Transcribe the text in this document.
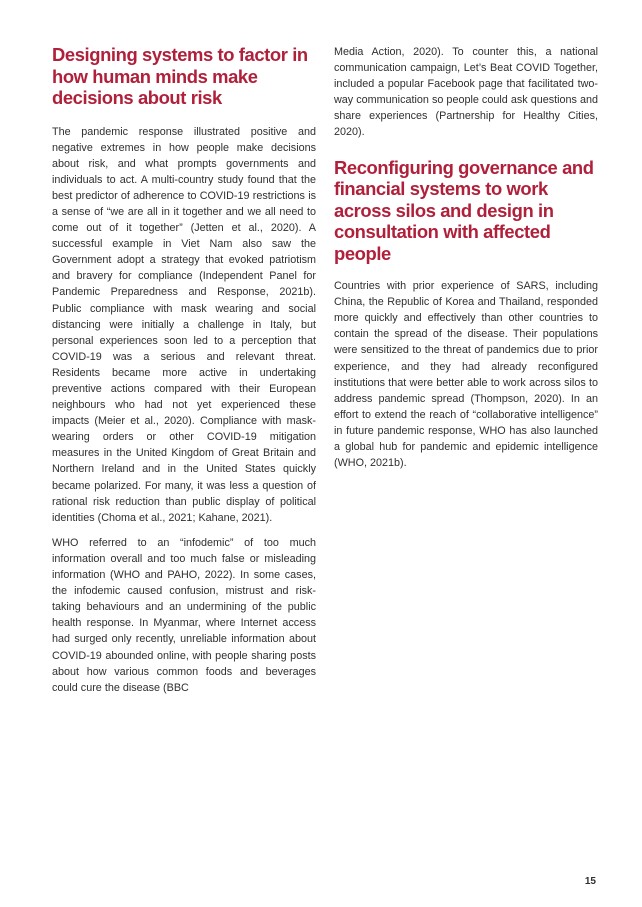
Designing systems to factor in how human minds make decisions about risk

The pandemic response illustrated positive and negative extremes in how people make decisions about risk, and what prompts governments and individuals to act. A multi-country study found that the best predictor of adherence to COVID-19 restrictions is a sense of “we are all in it together and we all need to come out of it together” (Jetten et al., 2020). A successful example in Viet Nam also saw the Government adopt a strategy that evoked patriotism and bravery for compliance (Independent Panel for Pandemic Preparedness and Response, 2021b). Public compliance with mask wearing and social distancing were initially a challenge in Italy, but personal experiences soon led to a perception that COVID-19 was a serious and relevant threat. Residents became more active in undertaking preventive actions compared with their European neighbours who had not yet experienced these impacts (Meier et al., 2020). Compliance with mask-wearing orders or other COVID-19 mitigation measures in the United Kingdom of Great Britain and Northern Ireland and in the United States quickly became polarized. For many, it was less a question of rational risk reduction than public display of political identities (Choma et al., 2021; Kahane, 2021).

WHO referred to an “infodemic” of too much information overall and too much false or misleading information (WHO and PAHO, 2022). In some cases, the infodemic caused confusion, mistrust and risk-taking behaviours and an undermining of the public health response. In Myanmar, where Internet access had surged only recently, unreliable information about COVID-19 abounded online, with people sharing posts about how various common foods and beverages could cure the disease (BBC

Media Action, 2020). To counter this, a national communication campaign, Let’s Beat COVID Together, included a popular Facebook page that facilitated two-way communication so people could ask questions and share experiences (Partnership for Healthy Cities, 2020).

Reconfiguring governance and financial systems to work across silos and design in consultation with affected people

Countries with prior experience of SARS, including China, the Republic of Korea and Thailand, responded more quickly and effectively than other countries to contain the spread of the disease. Their populations were sensitized to the threat of pandemics due to prior experience, and they had already reconfigured institutions that were better able to work across silos to address pandemic spread (Thompson, 2020). In an effort to extend the reach of “collaborative intelligence” in future pandemic response, WHO has also launched a global hub for pandemic and epidemic intelligence (WHO, 2021b).

15
